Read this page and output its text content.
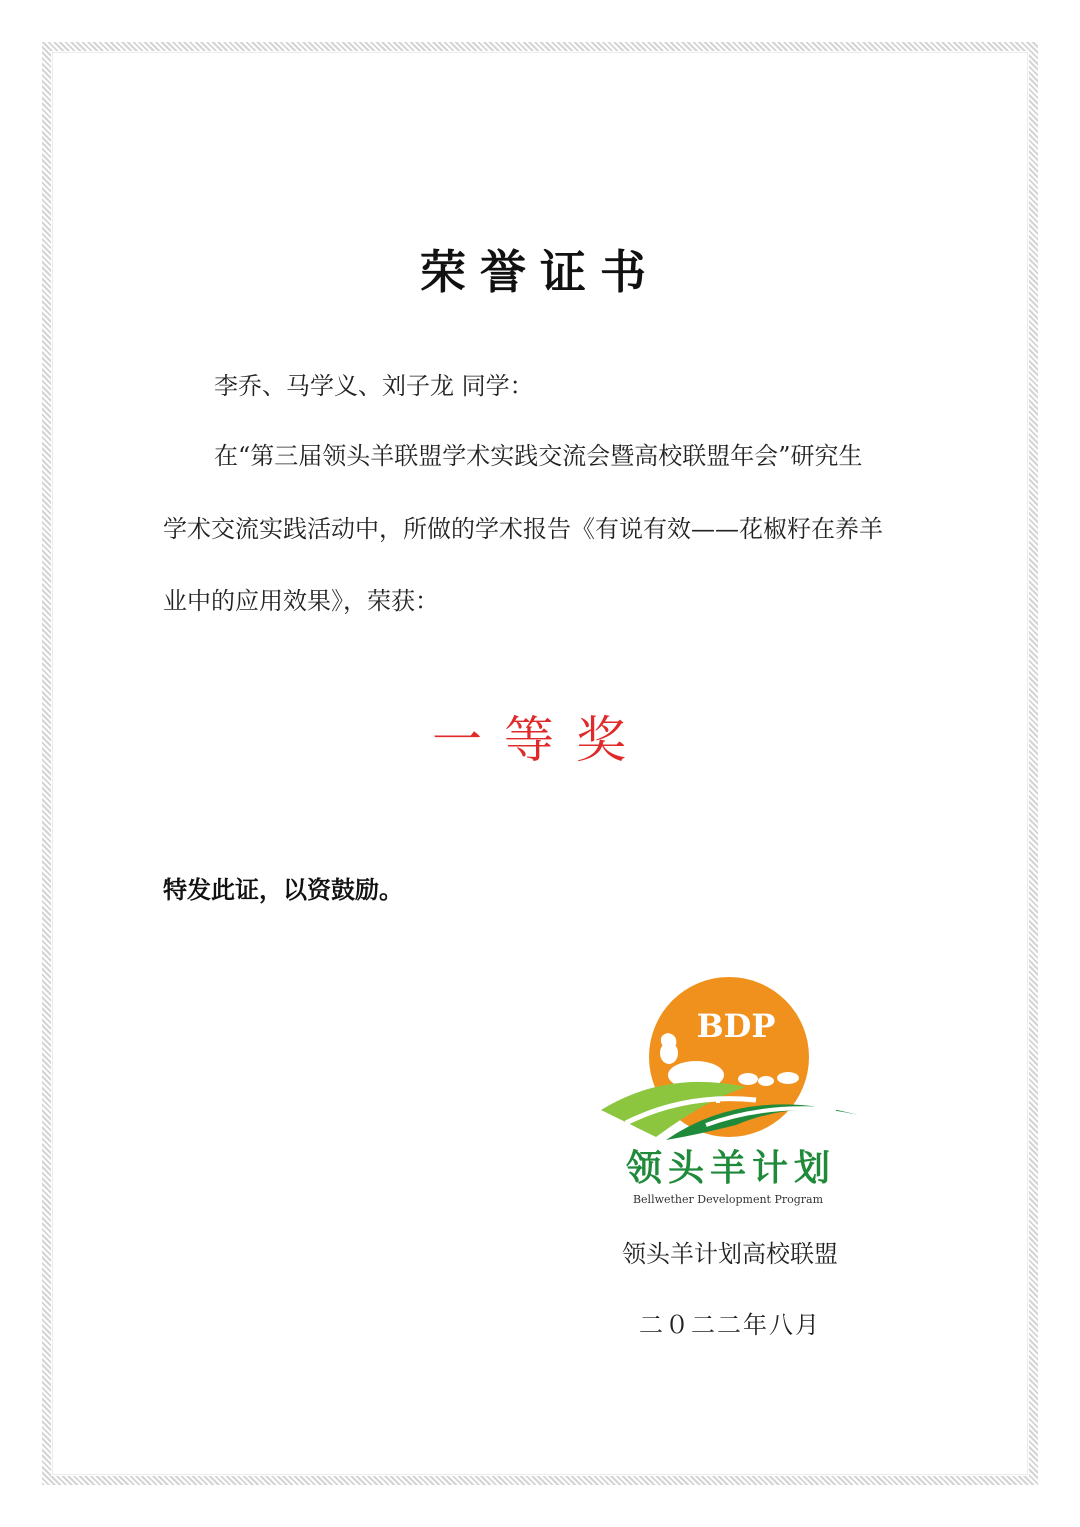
荣誉证书
李乔、马学义、刘子龙 同学：
在“第三届领头羊联盟学术实践交流会暨高校联盟年会”研究生
学术交流实践活动中，所做的学术报告《有说有效——花椒籽在养羊
业中的应用效果》，荣获：
一等奖
特发此证，以资鼓励。
BDP
领头羊计划
Bellwether Development Program
领头羊计划高校联盟
二０二二年八月
